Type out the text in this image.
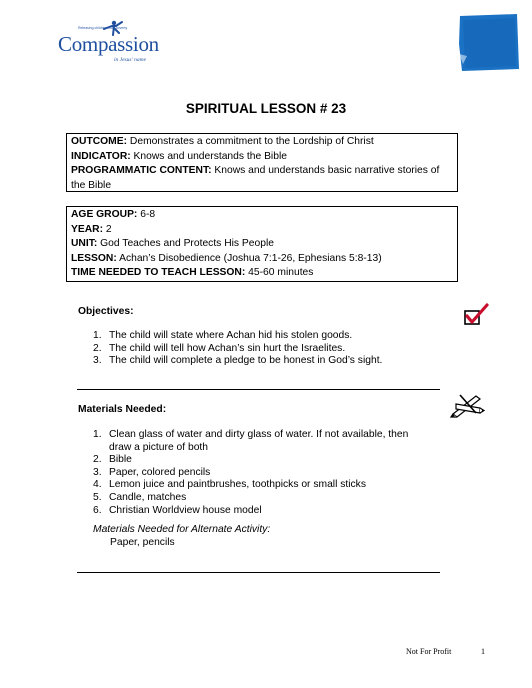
Releasing children from poverty
Compassion
in Jesus' name
SPIRITUAL LESSON # 23
OUTCOME: Demonstrates a commitment to the Lordship of Christ
INDICATOR: Knows and understands the Bible
PROGRAMMATIC CONTENT: Knows and understands basic narrative stories of the Bible
AGE GROUP: 6-8
YEAR: 2
UNIT: God Teaches and Protects His People
LESSON: Achan’s Disobedience (Joshua 7:1-26, Ephesians 5:8-13)
TIME NEEDED TO TEACH LESSON: 45-60 minutes
Objectives:
1. The child will state where Achan hid his stolen goods.
2. The child will tell how Achan’s sin hurt the Israelites.
3. The child will complete a pledge to be honest in God’s sight.
Materials Needed:
1. Clean glass of water and dirty glass of water. If not available, then draw a picture of both
2. Bible
3. Paper, colored pencils
4. Lemon juice and paintbrushes, toothpicks or small sticks
5. Candle, matches
6. Christian Worldview house model
Materials Needed for Alternate Activity:
Paper, pencils
Not For Profit	1
